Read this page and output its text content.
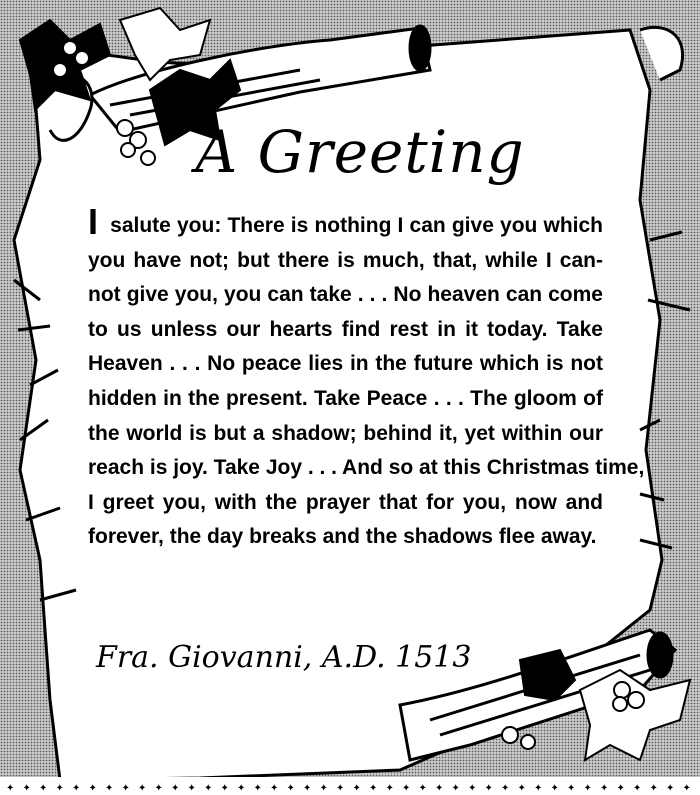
A Greeting
I salute you: There is nothing I can give you which
you have not; but there is much, that, while I can-
not give you, you can take . . . No heaven can come
to us unless our hearts find rest in it today. Take
Heaven . . . No peace lies in the future which is not
hidden in the present. Take Peace . . . The gloom of
the world is but a shadow; behind it, yet within our
reach is joy. Take Joy . . . And so at this Christmas time,
I greet you, with the prayer that for you, now and
forever, the day breaks and the shadows flee away.
Fra. Giovanni, A.D. 1513
✦ ✦ ✦ ✦ ✦ ✦ ✦ ✦ ✦ ✦ ✦ ✦ ✦ ✦ ✦ ✦ ✦ ✦ ✦ ✦ ✦ ✦ ✦ ✦ ✦ ✦ ✦ ✦ ✦ ✦ ✦ ✦ ✦ ✦ ✦ ✦ ✦ ✦ ✦ ✦ ✦ ✦
